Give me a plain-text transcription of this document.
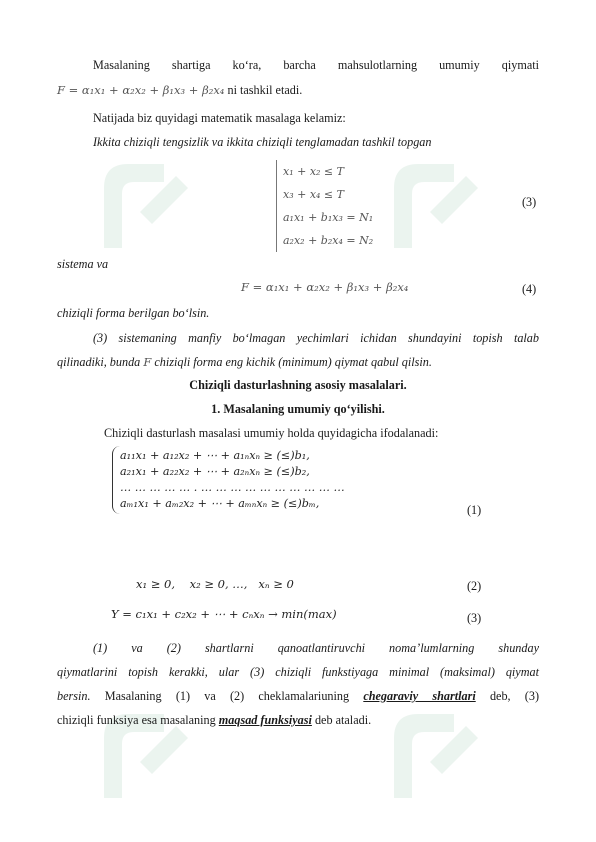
Masalaning shartiga ko‘ra, barcha mahsulotlarning umumiy qiymati
F = α₁x₁ + α₂x₂ + β₁x₃ + β₂x₄ ni tashkil etadi.
Natijada biz quyidagi matematik masalaga kelamiz:
Ikkita chiziqli tengsizlik va ikkita chiziqli tenglamadan tashkil topgan
x₁ + x₂ ≤ T
x₃ + x₄ ≤ T
a₁x₁ + b₁x₃ = N₁
a₂x₂ + b₂x₄ = N₂
(3)
sistema va
F = α₁x₁ + α₂x₂ + β₁x₃ + β₂x₄	(4)
chiziqli forma berilgan bo‘lsin.
(3) sistemaning manfiy bo‘lmagan yechimlari ichidan shundayini topish talab
qilinadiki, bunda F chiziqli forma eng kichik (minimum) qiymat qabul qilsin.
Chiziqli dasturlashning asosiy masalalari.
1. Masalaning umumiy qo‘yilishi.
Chiziqli dasturlash masalasi umumiy holda quyidagicha ifodalanadi:
a₁₁x₁ + a₁₂x₂ + ⋯ + a₁ₙxₙ ≥ (≤)b₁,
a₂₁x₁ + a₂₂x₂ + ⋯ + a₂ₙxₙ ≥ (≤)b₂,
… … … … … . … … … … … … … … … …
aₘ₁x₁ + aₘ₂x₂ + ⋯ + aₘₙxₙ ≥ (≤)bₘ,	(1)
x₁ ≥ 0,    x₂ ≥ 0, …,   xₙ ≥ 0	(2)
Y = c₁x₁ + c₂x₂ + ⋯ + cₙxₙ → min(max)	(3)
(1) va (2) shartlarni qanoatlantiruvchi noma’lumlarning shunday
qiymatlarini topish kerakki, ular (3) chiziqli funkstiyaga minimal (maksimal) qiymat
bersin. Masalaning (1) va (2) cheklamalariuning chegaraviy shartlari deb, (3)
chiziqli funksiya esa masalaning maqsad funksiyasi deb ataladi.
